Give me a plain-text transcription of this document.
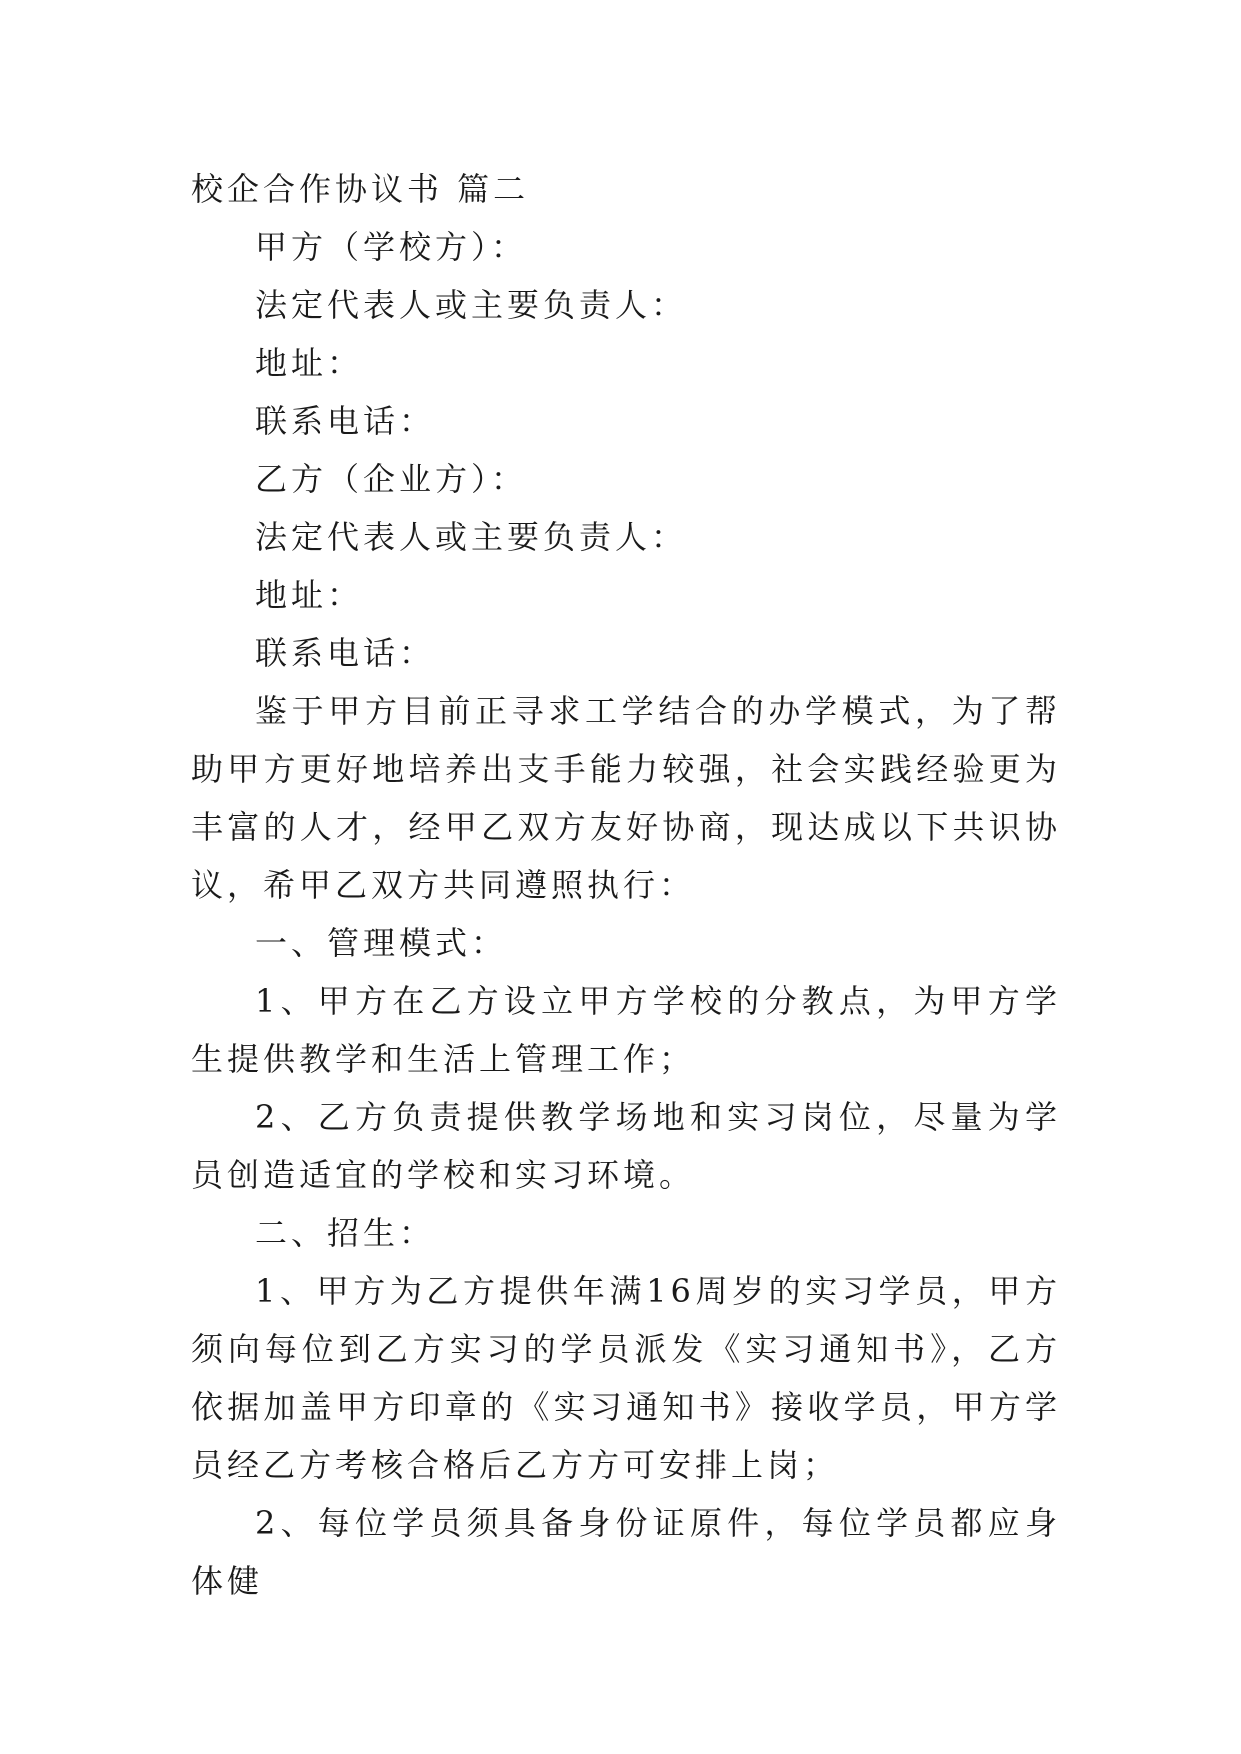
校企合作协议书 篇二

甲方（学校方）：

法定代表人或主要负责人：

地址：

联系电话：

乙方（企业方）：

法定代表人或主要负责人：

地址：

联系电话：

鉴于甲方目前正寻求工学结合的办学模式，为了帮助甲方更好地培养出支手能力较强，社会实践经验更为丰富的人才，经甲乙双方友好协商，现达成以下共识协议，希甲乙双方共同遵照执行：

一、管理模式：

1、甲方在乙方设立甲方学校的分教点，为甲方学生提供教学和生活上管理工作；

2、乙方负责提供教学场地和实习岗位，尽量为学员创造适宜的学校和实习环境。

二、招生：

1、甲方为乙方提供年满16周岁的实习学员，甲方须向每位到乙方实习的学员派发《实习通知书》，乙方依据加盖甲方印章的《实习通知书》接收学员，甲方学员经乙方考核合格后乙方方可安排上岗；

2、每位学员须具备身份证原件，每位学员都应身体健
